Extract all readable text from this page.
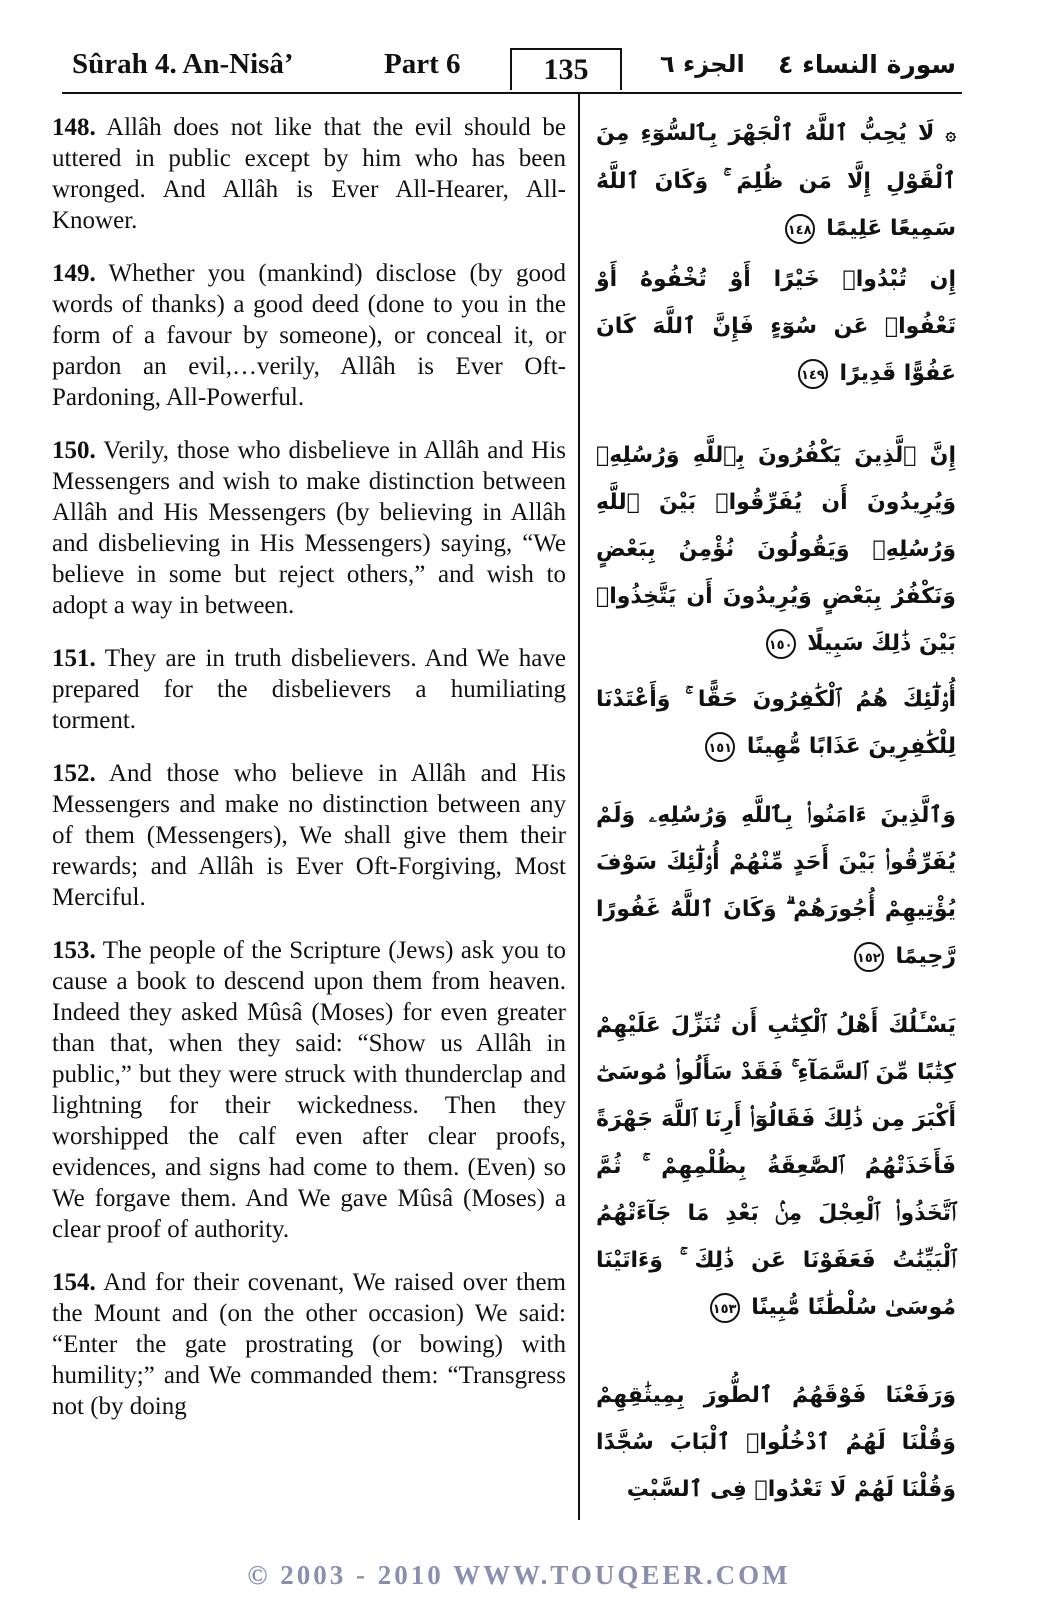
Sûrah 4. An-Nisâ’	Part 6	135	الجزء ٦ سورة النساء ٤

148. Allâh does not like that the evil should be uttered in public except by him who has been wronged. And Allâh is Ever All-Hearer, All-Knower.

149. Whether you (mankind) disclose (by good words of thanks) a good deed (done to you in the form of a favour by someone), or conceal it, or pardon an evil,…verily, Allâh is Ever Oft-Pardoning, All-Powerful.

150. Verily, those who disbelieve in Allâh and His Messengers and wish to make distinction between Allâh and His Messengers (by believing in Allâh and disbelieving in His Messengers) saying, “We believe in some but reject others,” and wish to adopt a way in between.

151. They are in truth disbelievers. And We have prepared for the disbelievers a humiliating torment.

152. And those who believe in Allâh and His Messengers and make no distinction between any of them (Messengers), We shall give them their rewards; and Allâh is Ever Oft-Forgiving, Most Merciful.

153. The people of the Scripture (Jews) ask you to cause a book to descend upon them from heaven. Indeed they asked Mûsâ (Moses) for even greater than that, when they said: “Show us Allâh in public,” but they were struck with thunderclap and lightning for their wickedness. Then they worshipped the calf even after clear proofs, evidences, and signs had come to them. (Even) so We forgave them. And We gave Mûsâ (Moses) a clear proof of authority.

154. And for their covenant, We raised over them the Mount and (on the other occasion) We said: “Enter the gate prostrating (or bowing) with humility;” and We commanded them: “Transgress not (by doing

۞ لَا يُحِبُّ ٱللَّهُ ٱلْجَهْرَ بِٱلسُّوٓءِ مِنَ ٱلْقَوْلِ إِلَّا مَن ظُلِمَ ۚ وَكَانَ ٱللَّهُ سَمِيعًا عَلِيمًا ١٤٨

إِن تُبْدُوا۟ خَيْرًا أَوْ تُخْفُوهُ أَوْ تَعْفُوا۟ عَن سُوٓءٍ فَإِنَّ ٱللَّهَ كَانَ عَفُوًّا قَدِيرًا ١٤٩

إِنَّ ٱلَّذِينَ يَكْفُرُونَ بِٱللَّهِ وَرُسُلِهِۦ وَيُرِيدُونَ أَن يُفَرِّقُوا۟ بَيْنَ ٱللَّهِ وَرُسُلِهِۦ وَيَقُولُونَ نُؤْمِنُ بِبَعْضٍ وَنَكْفُرُ بِبَعْضٍ وَيُرِيدُونَ أَن يَتَّخِذُوا۟ بَيْنَ ذَٰلِكَ سَبِيلًا ١٥٠

أُو۟لَٰٓئِكَ هُمُ ٱلْكَٰفِرُونَ حَقًّا ۚ وَأَعْتَدْنَا لِلْكَٰفِرِينَ عَذَابًا مُّهِينًا ١٥١

وَٱلَّذِينَ ءَامَنُوا۟ بِٱللَّهِ وَرُسُلِهِۦ وَلَمْ يُفَرِّقُوا۟ بَيْنَ أَحَدٍ مِّنْهُمْ أُو۟لَٰٓئِكَ سَوْفَ يُؤْتِيهِمْ أُجُورَهُمْ ۗ وَكَانَ ٱللَّهُ غَفُورًا رَّحِيمًا ١٥٢

يَسْـَٔلُكَ أَهْلُ ٱلْكِتَٰبِ أَن تُنَزِّلَ عَلَيْهِمْ كِتَٰبًا مِّنَ ٱلسَّمَآءِ ۚ فَقَدْ سَأَلُوا۟ مُوسَىٰٓ أَكْبَرَ مِن ذَٰلِكَ فَقَالُوٓا۟ أَرِنَا ٱللَّهَ جَهْرَةً فَأَخَذَتْهُمُ ٱلصَّٰعِقَةُ بِظُلْمِهِمْ ۚ ثُمَّ ٱتَّخَذُوا۟ ٱلْعِجْلَ مِنۢ بَعْدِ مَا جَآءَتْهُمُ ٱلْبَيِّنَٰتُ فَعَفَوْنَا عَن ذَٰلِكَ ۚ وَءَاتَيْنَا مُوسَىٰ سُلْطَٰنًا مُّبِينًا ١٥٣

وَرَفَعْنَا فَوْقَهُمُ ٱلطُّورَ بِمِيثَٰقِهِمْ وَقُلْنَا لَهُمُ ٱدْخُلُوا۟ ٱلْبَابَ سُجَّدًا وَقُلْنَا لَهُمْ لَا تَعْدُوا۟ فِى ٱلسَّبْتِ

© 2003 - 2010 WWW.TOUQEER.COM
